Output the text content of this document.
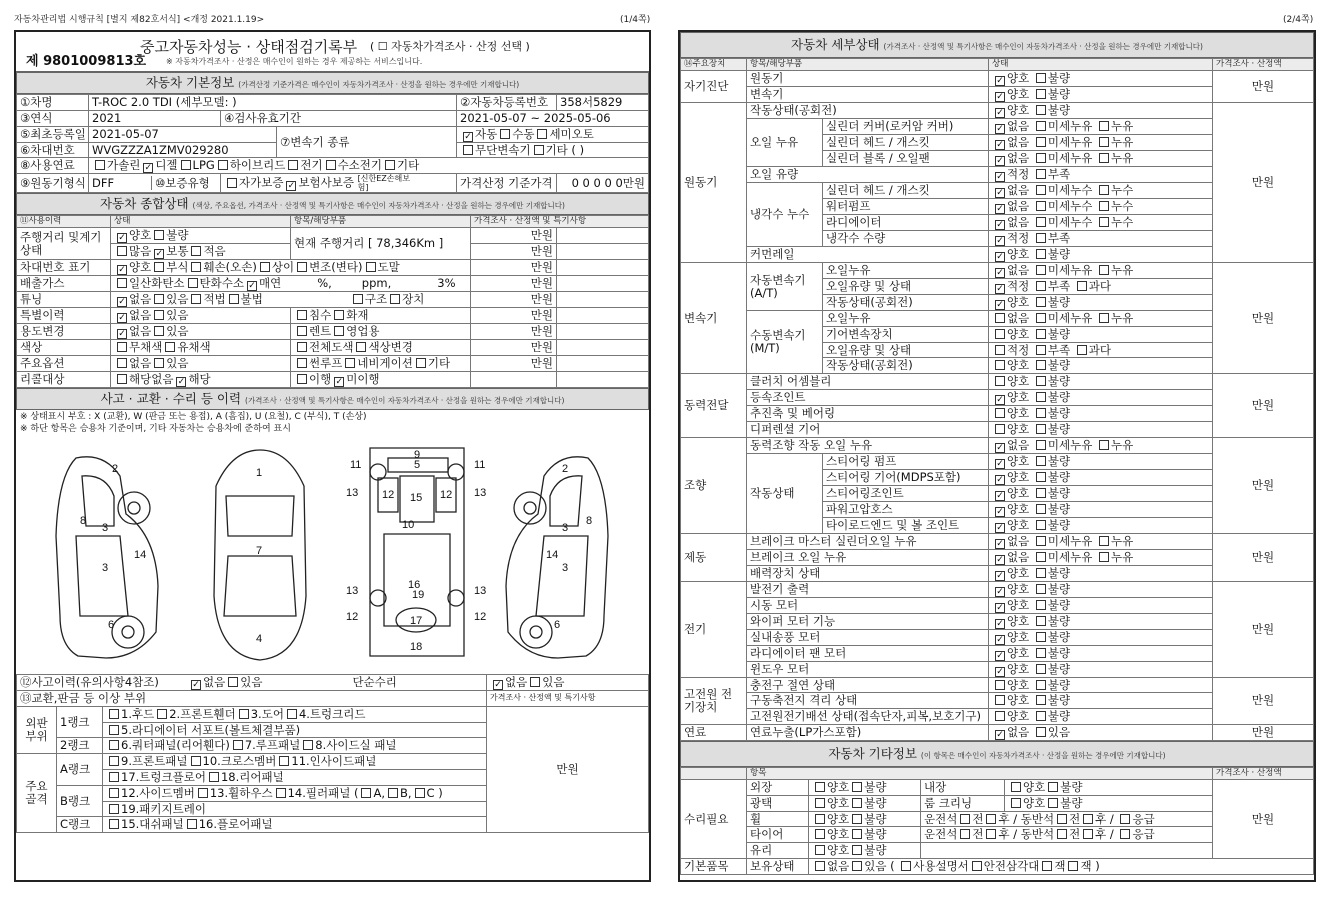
자동차관리법 시행규칙 [별지 제82호서식] <개정 2021.1.19>	(1/4쪽)	(2/4쪽)
제 9801009813호
중고자동차성능 · 상태점검기록부 ( ☐ 자동차가격조사 · 산정 선택 )
※ 자동차가격조사 · 산정은 매수인이 원하는 경우 제공하는 서비스입니다.
자동차 기본정보 (가격산정 기준가격은 매수인이 자동차가격조사 · 산정을 원하는 경우에만 기재합니다)
①차명	T-ROC 2.0 TDI (세부모델: )			②자동차등록번호	358서5829
③연식	2021	④검사유효기간		2021-05-07 ~ 2025-05-06	
⑤최초등록일	2021-05-07		⑦변속기 종류	✓ 자동 수동 세미오토	
⑥차대번호	WVGZZZA1ZMV029280			무단변속기 기타 ( )	
⑧사용연료	가솔린 ✓ 디젤 LPG 하이브리드 전기 수소전기 기타				
⑨원동기형식	DFF ⑩보증유형	자가보증 ✓ 보험사보증 [신한EZ손해보험]		가격산정 기준가격	0 0 0 0 0만원
자동차 종합상태 (색상, 주요옵션, 가격조사 · 산정액 및 특기사항은 매수인이 자동차가격조사 · 산정을 원하는 경우에만 기재합니다)
⑪사용이력	상태	항목/해당부품	가격조사 · 산정액 및 특기사항	
주행거리 및계기상태	✓ 양호 불량	현재 주행거리 [ 78,346Km ]	만원	
	많음 ✓ 보통 적음		만원	
차대번호 표기	✓ 양호 부식 훼손(오손) 상이 변조(변타) 도말		만원	
배출가스	일산화탄소 탄화수소 ✓ 매연 %, ppm, 3%		만원	
튜닝	✓ 없음 있음 적법 불법 구조 장치		만원	
특별이력	✓ 없음 있음	침수 화재	만원	
용도변경	✓ 없음 있음	렌트 영업용	만원	
색상	무채색 유채색	전체도색 색상변경	만원	
주요옵션	없음 있음	썬루프 네비게이션 기타	만원	
리콜대상	해당없음 ✓ 해당	이행 ✓ 미이행		
사고 · 교환 · 수리 등 이력 (가격조사 · 산정액 및 특기사항은 매수인이 자동차가격조사 · 산정을 원하는 경우에만 기재합니다)
※ 상태표시 부호 : X (교환), W (판금 또는 용접), A (흠집), U (요철), C (부식), T (손상)
※ 하단 항목은 승용차 기준이며, 기타 자동차는 승용차에 준하여 표시
2
3
3
8
14
6
1
7
4
5
9
11	11
13	13
12	12
15
10
16
17
18
19
13	13
12	12
2
3
3
8
14
6
⑫사고이력(유의사항4참조) ✓ 없음 있음 단순수리			✓ 없음 있음
⑬교환,판금 등 이상 부위			가격조사 · 산정액 및 특기사항
외판 부위	1랭크	1.후드 2.프론트휀더 3.도어 4.트렁크리드	만원
		5.라디에이터 서포트(볼트체결부품)	
	2랭크	6.쿼터패널(리어휀다) 7.루프패널 8.사이드실 패널	
주요 골격	A랭크	9.프론트패널 10.크로스멤버 11.인사이드패널	
		17.트렁크플로어 18.리어패널	
	B랭크	12.사이드멤버 13.휠하우스 14.필러패널 ( A, B, C )	
		19.패키지트레이	
	C랭크	15.대쉬패널 16.플로어패널	
자동차 세부상태 (가격조사 · 산정액 및 특기사항은 매수인이 자동차가격조사 · 산정을 원하는 경우에만 기재합니다)
⑭주요장치	항목/해당부품		상태	가격조사 · 산정액
자기진단	원동기		✓ 양호 불량	만원
	변속기		✓ 양호 불량	
원동기	작동상태(공회전)		✓ 양호 불량	만원
	오일 누유	실린더 커버(로커암 커버)	✓ 없음 미세누유 누유	
		실린더 헤드 / 개스킷	✓ 없음 미세누유 누유	
		실린더 블록 / 오일팬	✓ 없음 미세누유 누유	
	오일 유량		✓ 적정 부족	
	냉각수 누수	실린더 헤드 / 개스킷	✓ 없음 미세누수 누수	
		워터펌프	✓ 없음 미세누수 누수	
		라디에이터	✓ 없음 미세누수 누수	
		냉각수 수량	✓ 적정 부족	
	커먼레일		✓ 양호 불량	
변속기	자동변속기 (A/T)	오일누유	✓ 없음 미세누유 누유	만원
		오일유량 및 상태	✓ 적정 부족 과다	
		작동상태(공회전)	✓ 양호 불량	
	수동변속기 (M/T)	오일누유	없음 미세누유 누유	
		기어변속장치	양호 불량	
		오일유량 및 상태	적정 부족 과다	
		작동상태(공회전)	양호 불량	
동력전달	클러치 어셈블리		양호 불량	만원
	등속조인트		✓ 양호 불량	
	추진축 및 베어링		양호 불량	
	디퍼렌셜 기어		양호 불량	
조향	동력조향 작동 오일 누유		✓ 없음 미세누유 누유	만원
	작동상태	스티어링 펌프	✓ 양호 불량	
		스티어링 기어(MDPS포함)	✓ 양호 불량	
		스티어링조인트	✓ 양호 불량	
		파워고압호스	✓ 양호 불량	
		타이로드엔드 및 볼 조인트	✓ 양호 불량	
제동	브레이크 마스터 실린더오일 누유		✓ 없음 미세누유 누유	만원
	브레이크 오일 누유		✓ 없음 미세누유 누유	
	배력장치 상태		✓ 양호 불량	
전기	발전기 출력		✓ 양호 불량	만원
	시동 모터		✓ 양호 불량	
	와이퍼 모터 기능		✓ 양호 불량	
	실내송풍 모터		✓ 양호 불량	
	라디에이터 팬 모터		✓ 양호 불량	
	윈도우 모터		✓ 양호 불량	
고전원 전기장치	충전구 절연 상태		양호 불량	만원
	구동축전지 격리 상태		양호 불량	
	고전원전기배선 상태(접속단자,피복,보호기구)		양호 불량	
연료	연료누출(LP가스포함)		✓ 없음 있음	만원
자동차 기타정보 (이 항목은 매수인이 자동차가격조사 · 산정을 원하는 경우에만 기재합니다)
	항목				가격조사 · 산정액
수리필요	외장	양호 불량	내장	양호 불량	만원
	광택	양호 불량	룸 크리닝	양호 불량	
	휠	양호 불량	운전석 전 후 / 동반석 전 후 / 응급		
	타이어	양호 불량	운전석 전 후 / 동반석 전 후 / 응급		
	유리	양호 불량			
기본품목	보유상태	없음 있음 ( 사용설명서 안전삼각대 잭 잭 )			
